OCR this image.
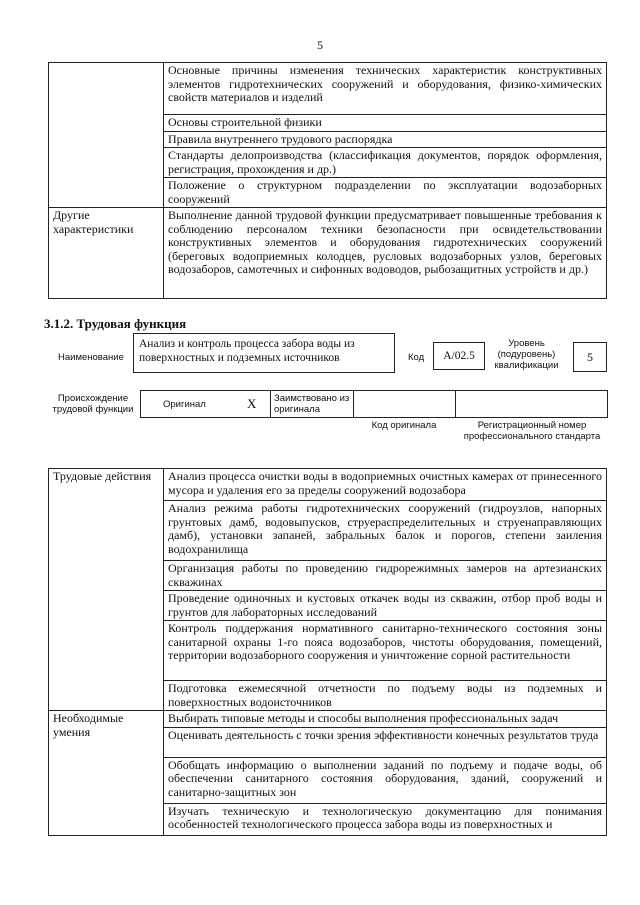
5
	Основные причины изменения технических характеристик конструктивных элементов гидротехнических сооружений и оборудования, физико-химических свойств материалов и изделий
	Основы строительной физики
	Правила внутреннего трудового распорядка
	Стандарты делопроизводства (классификация документов, порядок оформления, регистрация, прохождения и др.)
	Положение о структурном подразделении по эксплуатации водозаборных сооружений
Другие характеристики	Выполнение данной трудовой функции предусматривает повышенные требования к соблюдению персоналом техники безопасности при освидетельствовании конструктивных элементов и оборудования гидротехнических сооружений (береговых водоприемных колодцев, русловых водозаборных узлов, береговых водозаборов, самотечных и сифонных водоводов, рыбозащитных устройств и др.)
3.1.2. Трудовая функция
Наименование
Анализ и контроль процесса забора воды из поверхностных и подземных источников	Код	A/02.5
Уровень (подуровень) квалификации
5
Происхождение трудовой функции	Оригинал	X Заимствовано из оригинала
Код оригинала	Регистрационный номер профессионального стандарта
Трудовые действия	Анализ процесса очистки воды в водоприемных очистных камерах от принесенного мусора и удаления его за пределы сооружений водозабора
	Анализ режима работы гидротехнических сооружений (гидроузлов, напорных грунтовых дамб, водовыпусков, струераспределительных и струенаправляющих дамб), установки запаней, забральных балок и порогов, степени заиления водохранилища
	Организация работы по проведению гидрорежимных замеров на артезианских скважинах
	Проведение одиночных и кустовых откачек воды из скважин, отбор проб воды и грунтов для лабораторных исследований
	Контроль поддержания нормативного санитарно-технического состояния зоны санитарной охраны 1-го пояса водозаборов, чистоты оборудования, помещений, территории водозаборного сооружения и уничтожение сорной растительности
	Подготовка ежемесячной отчетности по подъему воды из подземных и поверхностных водоисточников
Необходимые умения	Выбирать типовые методы и способы выполнения профессиональных задач
	Оценивать деятельность с точки зрения эффективности конечных результатов труда
	Обобщать информацию о выполнении заданий по подъему и подаче воды, об обеспечении санитарного состояния оборудования, зданий, сооружений и санитарно-защитных зон
	Изучать техническую и технологическую документацию для понимания особенностей технологического процесса забора воды из поверхностных и
